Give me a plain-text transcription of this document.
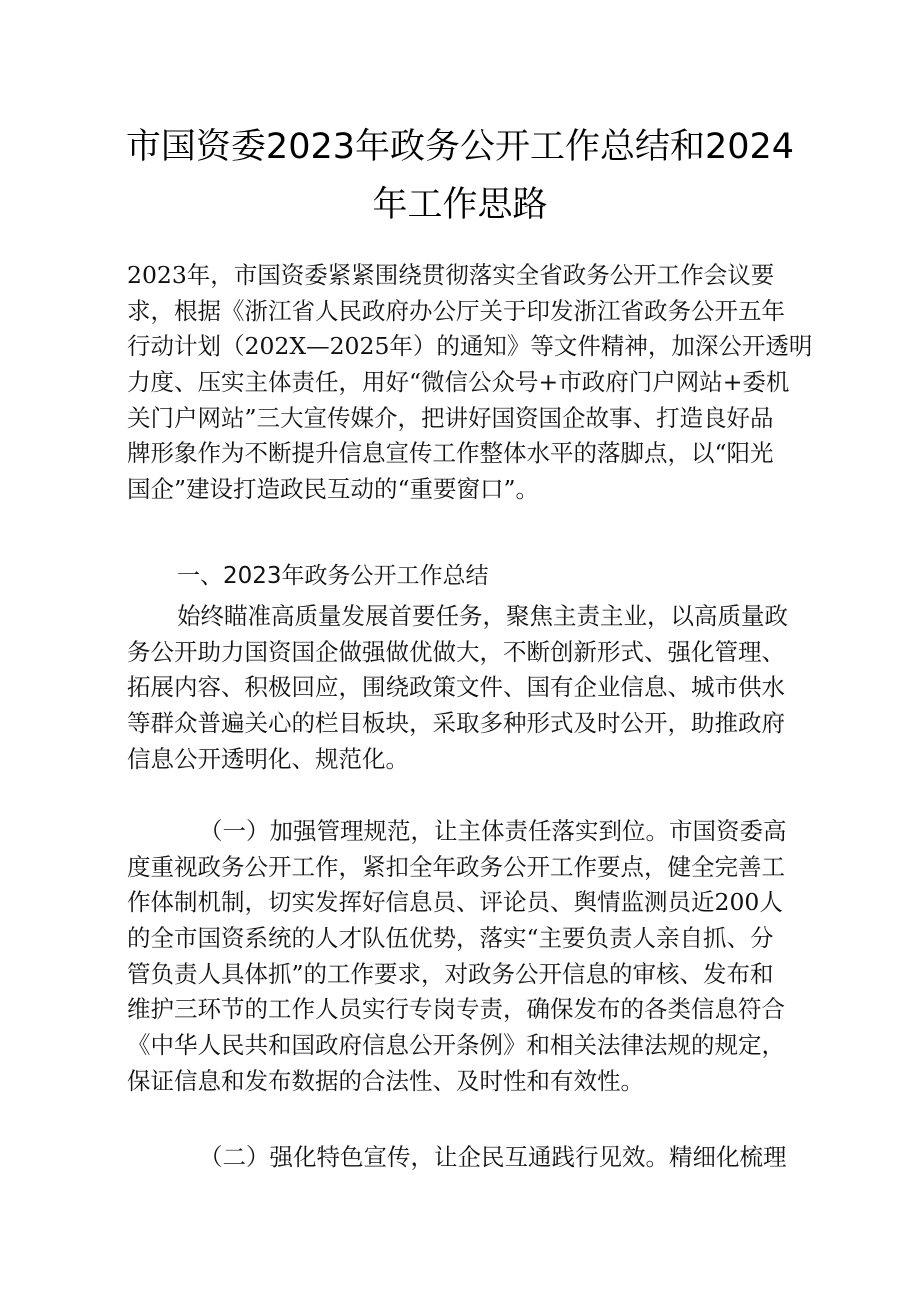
市国资委2023年政务公开工作总结和2024
年工作思路
2023年，市国资委紧紧围绕贯彻落实全省政务公开工作会议要
求，根据《浙江省人民政府办公厅关于印发浙江省政务公开五年
行动计划（202X—2025年）的通知》等文件精神，加深公开透明
力度、压实主体责任，用好“微信公众号+市政府门户网站+委机
关门户网站”三大宣传媒介，把讲好国资国企故事、打造良好品
牌形象作为不断提升信息宣传工作整体水平的落脚点，以“阳光
国企”建设打造政民互动的“重要窗口”。
一、2023年政务公开工作总结
始终瞄准高质量发展首要任务，聚焦主责主业，以高质量政
务公开助力国资国企做强做优做大，不断创新形式、强化管理、
拓展内容、积极回应，围绕政策文件、国有企业信息、城市供水
等群众普遍关心的栏目板块，采取多种形式及时公开，助推政府
信息公开透明化、规范化。
（一）加强管理规范，让主体责任落实到位。市国资委高
度重视政务公开工作，紧扣全年政务公开工作要点，健全完善工
作体制机制，切实发挥好信息员、评论员、舆情监测员近200人
的全市国资系统的人才队伍优势，落实“主要负责人亲自抓、分
管负责人具体抓”的工作要求，对政务公开信息的审核、发布和
维护三环节的工作人员实行专岗专责，确保发布的各类信息符合
《中华人民共和国政府信息公开条例》和相关法律法规的规定，
保证信息和发布数据的合法性、及时性和有效性。
（二）强化特色宣传，让企民互通践行见效。精细化梳理
